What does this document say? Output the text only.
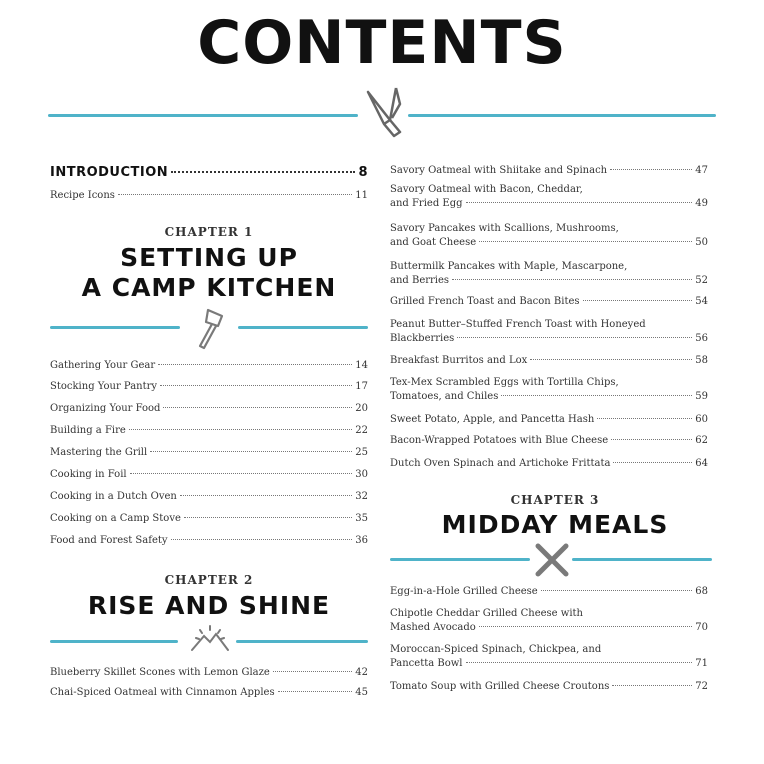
CONTENTS
INTRODUCTION	8
Recipe Icons	11
CHAPTER 1
SETTING UP
A CAMP KITCHEN
Gathering Your Gear	14
Stocking Your Pantry	17
Organizing Your Food	20
Building a Fire	22
Mastering the Grill	25
Cooking in Foil	30
Cooking in a Dutch Oven	32
Cooking on a Camp Stove	35
Food and Forest Safety	36
CHAPTER 2
RISE AND SHINE
Blueberry Skillet Scones with Lemon Glaze	42
Chai-Spiced Oatmeal with Cinnamon Apples	45
Savory Oatmeal with Shiitake and Spinach	47
Savory Oatmeal with Bacon, Cheddar,
and Fried Egg	49
Savory Pancakes with Scallions, Mushrooms,
and Goat Cheese	50
Buttermilk Pancakes with Maple, Mascarpone,
and Berries	52
Grilled French Toast and Bacon Bites	54
Peanut Butter–Stuffed French Toast with Honeyed
Blackberries	56
Breakfast Burritos and Lox	58
Tex-Mex Scrambled Eggs with Tortilla Chips,
Tomatoes, and Chiles	59
Sweet Potato, Apple, and Pancetta Hash	60
Bacon-Wrapped Potatoes with Blue Cheese	62
Dutch Oven Spinach and Artichoke Frittata	64
CHAPTER 3
MIDDAY MEALS
Egg-in-a-Hole Grilled Cheese	68
Chipotle Cheddar Grilled Cheese with
Mashed Avocado	70
Moroccan-Spiced Spinach, Chickpea, and
Pancetta Bowl	71
Tomato Soup with Grilled Cheese Croutons	72
